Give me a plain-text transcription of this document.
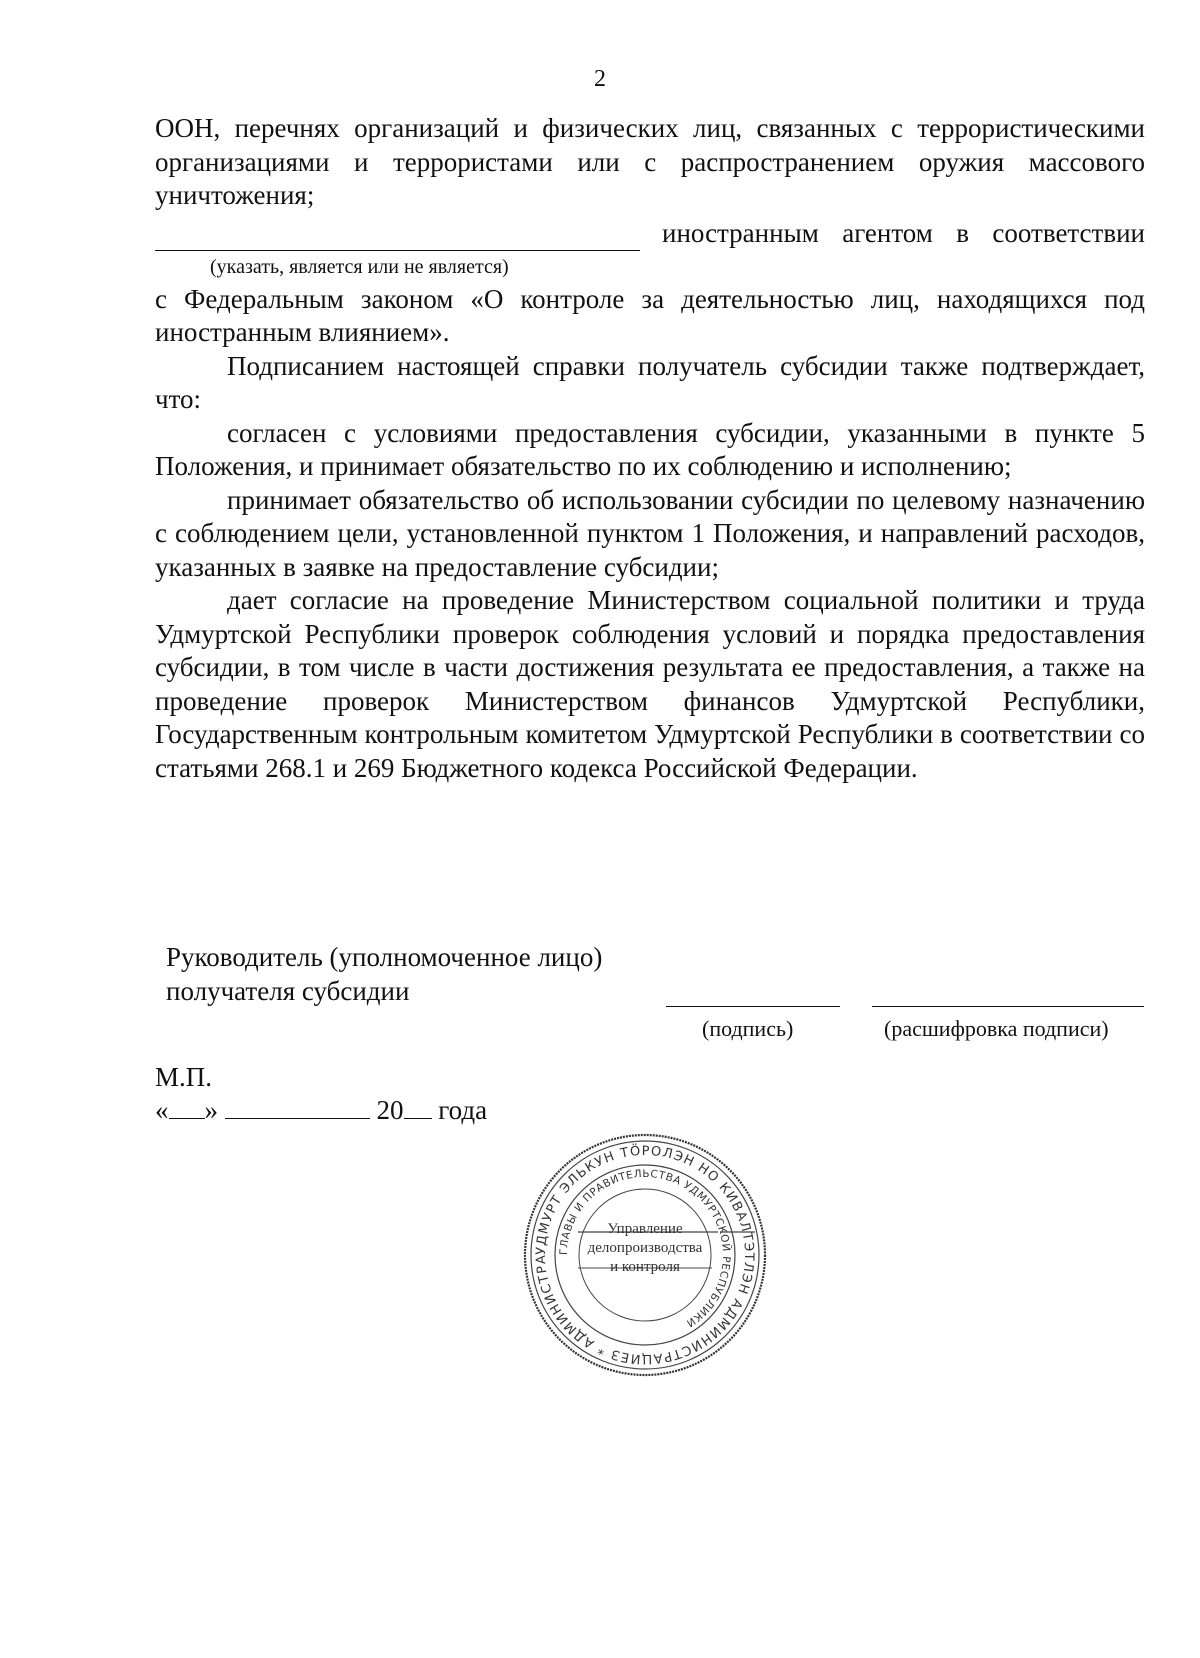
2

ООН, перечнях организаций и физических лиц, связанных с террористическими организациями и террористами или с распространением оружия массового уничтожения;

иностранным агентом в соответствии
(указать, является или не является)

с Федеральным законом «О контроле за деятельностью лиц, находящихся под иностранным влиянием».

Подписанием настоящей справки получатель субсидии также подтверждает, что:

согласен с условиями предоставления субсидии, указанными в пункте 5 Положения, и принимает обязательство по их соблюдению и исполнению;

принимает обязательство об использовании субсидии по целевому назначению с соблюдением цели, установленной пунктом 1 Положения, и направлений расходов, указанных в заявке на предоставление субсидии;

дает согласие на проведение Министерством социальной политики и труда Удмуртской Республики проверок соблюдения условий и порядка предоставления субсидии, в том числе в части достижения результата ее предоставления, а также на проведение проверок Министерством финансов Удмуртской Республики, Государственным контрольным комитетом Удмуртской Республики в соответствии со статьями 268.1 и 269 Бюджетного кодекса Российской Федерации.

Руководитель (уполномоченное лицо)
получателя субсидии
(подпись)	(расшифровка подписи)
М.П.
« »

	20
года
УДМУРТ ЭЛЬКУН ТӦРОЛЭН НО КИВАЛТЭТЛЭН АДМИНИСТРАЦИЕЗ * АДМИНИСТРА
ГЛАВЫ И ПРАВИТЕЛЬСТВА УДМУРТСКОЙ РЕСПУБЛИКИ
Управление
делопроизводства
и контроля
